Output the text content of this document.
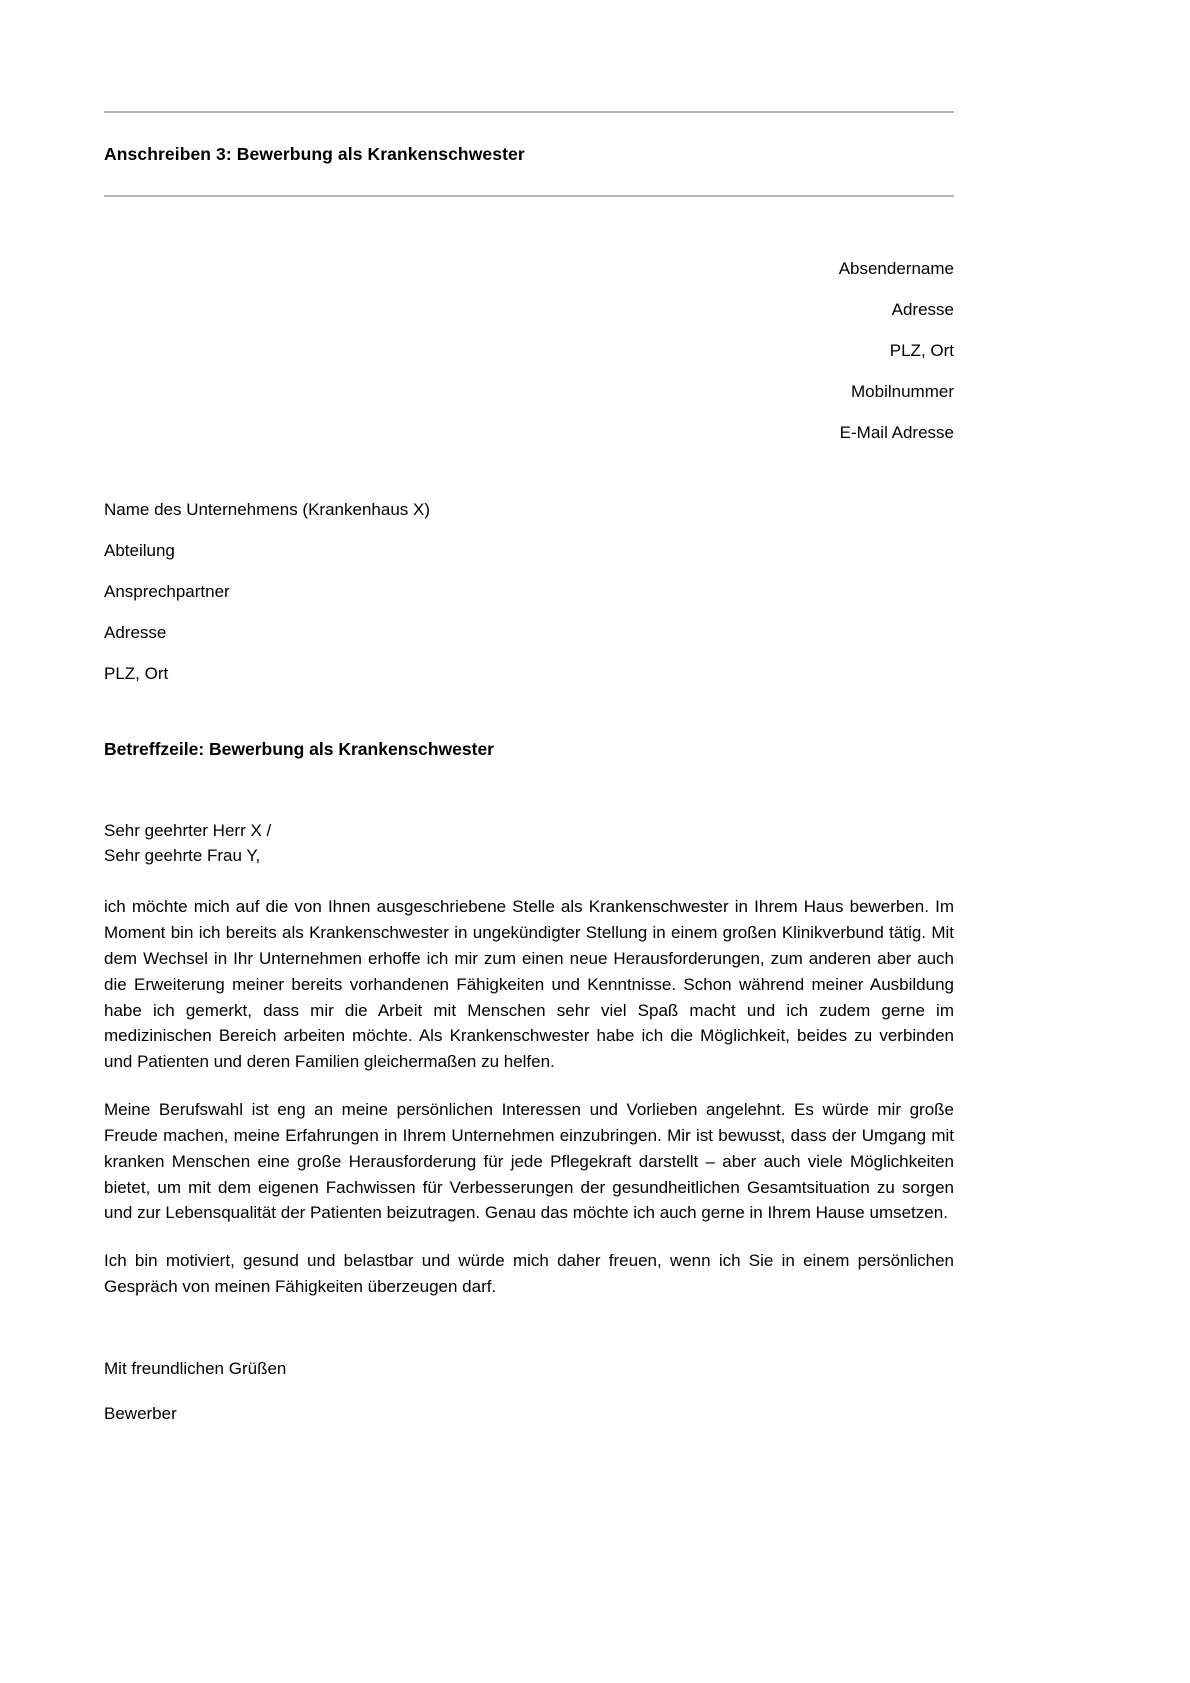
Anschreiben 3: Bewerbung als Krankenschwester
Absendername
Adresse
PLZ, Ort
Mobilnummer
E-Mail Adresse
Name des Unternehmens (Krankenhaus X)
Abteilung
Ansprechpartner
Adresse
PLZ, Ort
Betreffzeile: Bewerbung als Krankenschwester
Sehr geehrter Herr X /
Sehr geehrte Frau Y,

ich möchte mich auf die von Ihnen ausgeschriebene Stelle als Krankenschwester in Ihrem Haus bewerben. Im Moment bin ich bereits als Krankenschwester in ungekündigter Stellung in einem großen Klinikverbund tätig. Mit dem Wechsel in Ihr Unternehmen erhoffe ich mir zum einen neue Herausforderungen, zum anderen aber auch die Erweiterung meiner bereits vorhandenen Fähigkeiten und Kenntnisse. Schon während meiner Ausbildung habe ich gemerkt, dass mir die Arbeit mit Menschen sehr viel Spaß macht und ich zudem gerne im medizinischen Bereich arbeiten möchte. Als Krankenschwester habe ich die Möglichkeit, beides zu verbinden und Patienten und deren Familien gleichermaßen zu helfen.

Meine Berufswahl ist eng an meine persönlichen Interessen und Vorlieben angelehnt. Es würde mir große Freude machen, meine Erfahrungen in Ihrem Unternehmen einzubringen. Mir ist bewusst, dass der Umgang mit kranken Menschen eine große Herausforderung für jede Pflegekraft darstellt – aber auch viele Möglichkeiten bietet, um mit dem eigenen Fachwissen für Verbesserungen der gesundheitlichen Gesamtsituation zu sorgen und zur Lebensqualität der Patienten beizutragen. Genau das möchte ich auch gerne in Ihrem Hause umsetzen.

Ich bin motiviert, gesund und belastbar und würde mich daher freuen, wenn ich Sie in einem persönlichen Gespräch von meinen Fähigkeiten überzeugen darf.

Mit freundlichen Grüßen
Bewerber
